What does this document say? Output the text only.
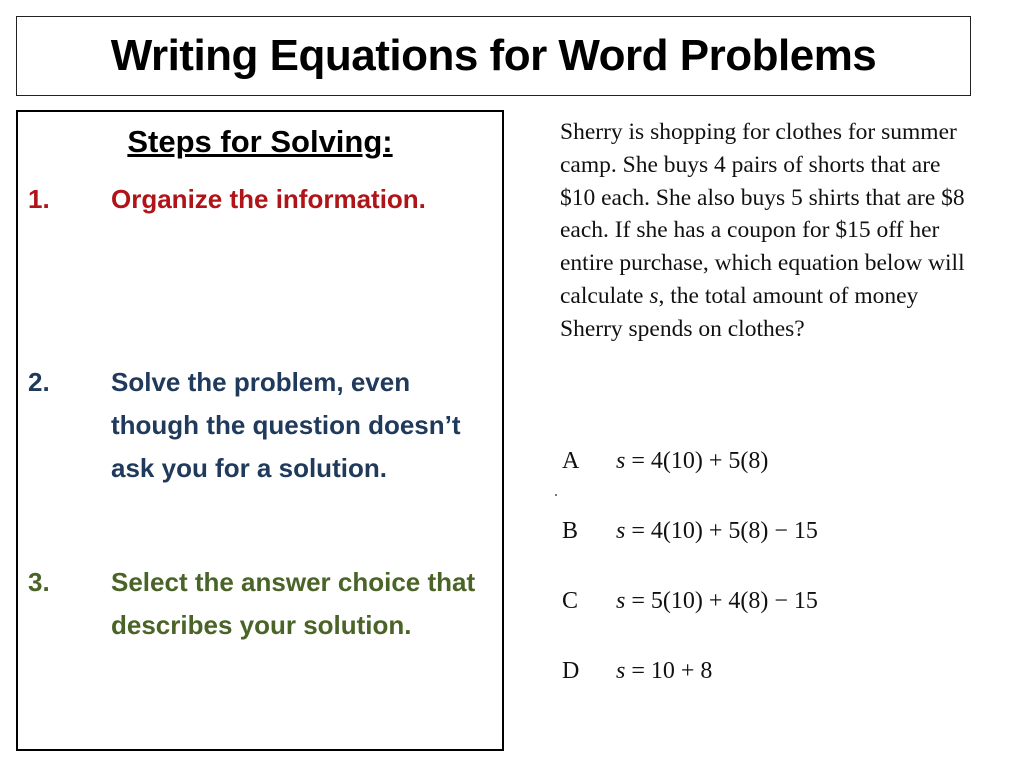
Writing Equations for Word Problems
Steps for Solving:
1. Organize the information.
2. Solve the problem, even though the question doesn’t ask you for a solution.
3. Select the answer choice that describes your solution.
Sherry is shopping for clothes for summer camp. She buys 4 pairs of shorts that are $10 each. She also buys 5 shirts that are $8 each. If she has a coupon for $15 off her entire purchase, which equation below will calculate s, the total amount of money Sherry spends on clothes?
A s = 4(10) + 5(8)
B s = 4(10) + 5(8) − 15
C s = 5(10) + 4(8) − 15
D s = 10 + 8
